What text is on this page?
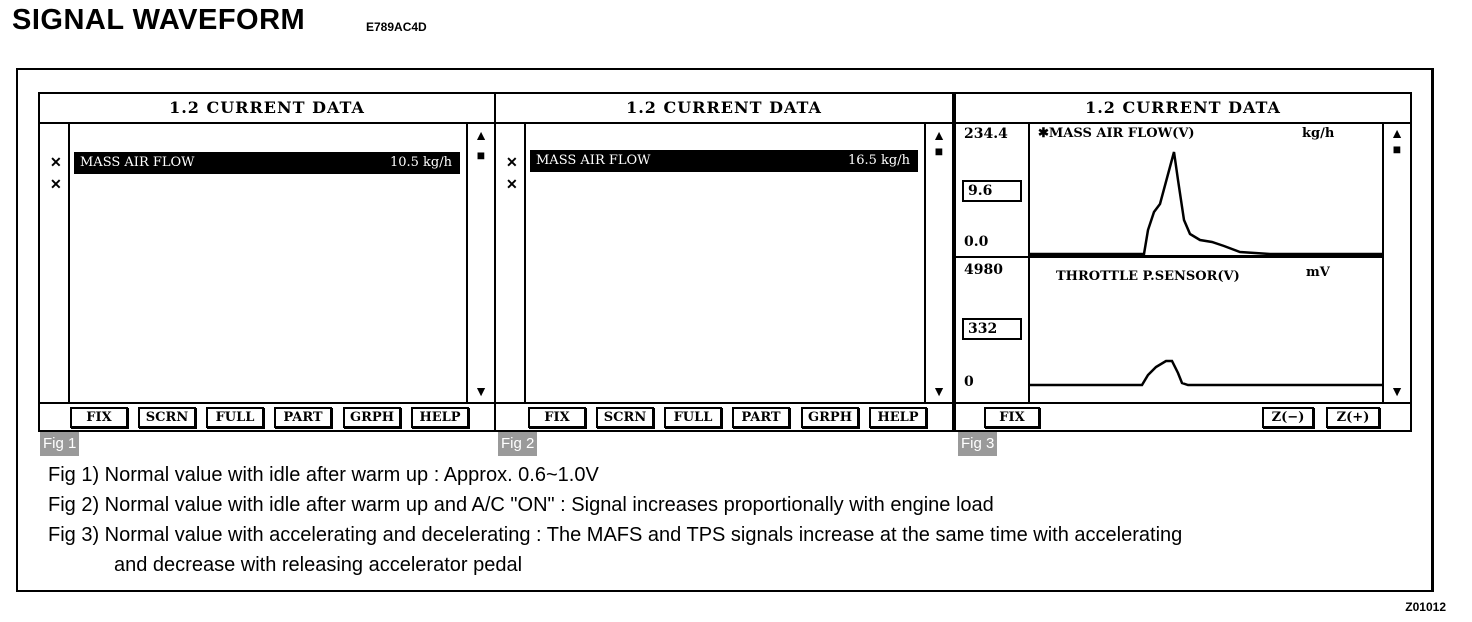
SIGNAL WAVEFORM	E789AC4D
1.2 CURRENT DATA
✕
✕
MASS AIR FLOW	10.5 kg/h
▲
■
▼
FIX	SCRN	FULL	PART	GRPH	HELP
Fig 1
1.2 CURRENT DATA
✕
✕
MASS AIR FLOW	16.5 kg/h
▲
■
▼
FIX	SCRN	FULL	PART	GRPH	HELP
Fig 2
1.2 CURRENT DATA
234.4
9.6
0.0
✱MASS AIR FLOW(V)	kg/h
4980
332
0
THROTTLE P.SENSOR(V)	mV
▲
■
▼
FIX	Z(−)	Z(+)
Fig 3
Fig 1) Normal value with idle after warm up : Approx. 0.6~1.0V
Fig 2) Normal value with idle after warm up and A/C "ON" : Signal increases proportionally with engine load
Fig 3) Normal value with accelerating and decelerating : The MAFS and TPS signals increase at the same time with accelerating
and decrease with releasing accelerator pedal
Z01012
